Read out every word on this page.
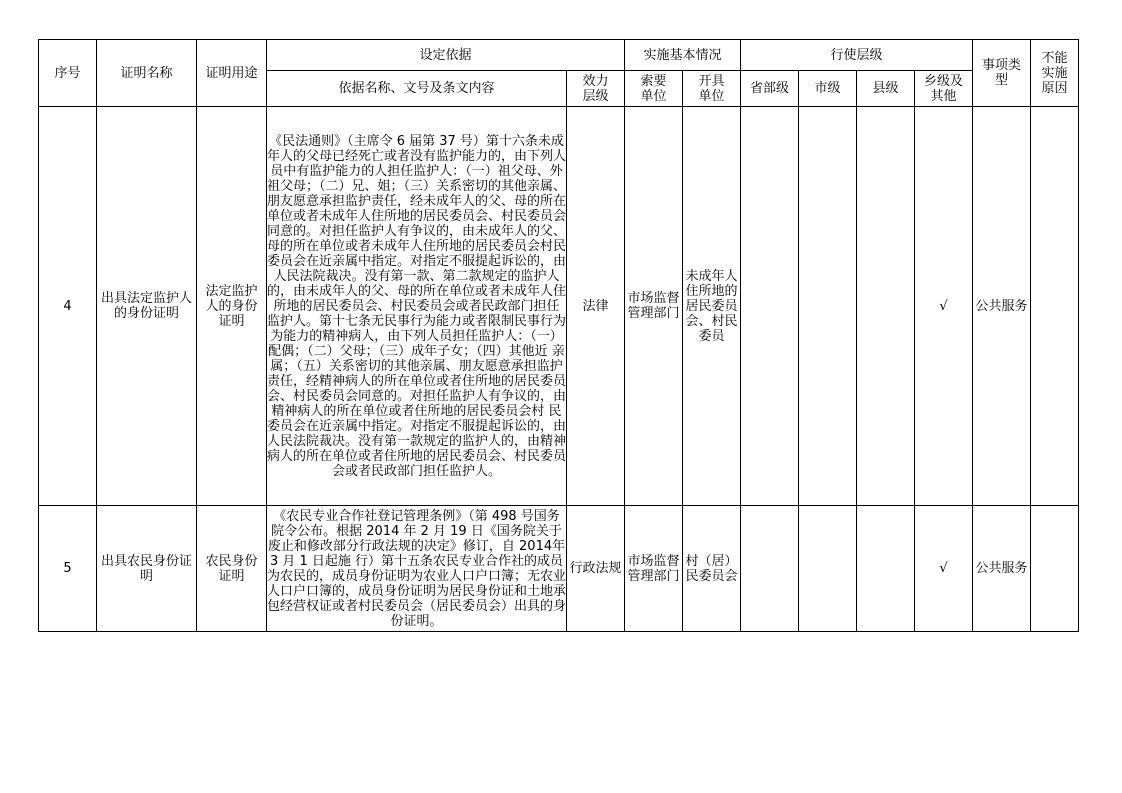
序号	证明名称	证明用途	设定依据		实施基本情况		行使层级				事项类型	不能实施原因
			依据名称、文号及条文内容	效力层级	索要单位	开具单位	省部级	市级	县级	乡级及其他		
4	出具法定监护人的身份证明	法定监护人的身份证明	《民法通则》（主席令 6 届第 37 号）第十六条未成年人的父母已经死亡或者没有监护能力的，由下列人员中有监护能力的人担任监护人：（一）祖父母、外祖父母；（二）兄、姐；（三）关系密切的其他亲属、朋友愿意承担监护责任，经未成年人的父、母的所在单位或者未成年人住所地的居民委员会、村民委员会同意的。对担任监护人有争议的，由未成年人的父、母的所在单位或者未成年人住所地的居民委员会村民委员会在近亲属中指定。对指定不服提起诉讼的，由人民法院裁决。没有第一款、第二款规定的监护人的，由未成年人的父、母的所在单位或者未成年人住所地的居民委员会、村民委员会或者民政部门担任 监护人。第十七条无民事行为能力或者限制民事行为 为能力的精神病人，由下列人员担任监护人：（一）配偶；（二）父母；（三）成年子女；（四）其他近 亲属；（五）关系密切的其他亲属、朋友愿意承担监护责任，经精神病人的所在单位或者住所地的居民委员会、村民委员会同意的。对担任监护人有争议的，由精神病人的所在单位或者住所地的居民委员会村 民委员会在近亲属中指定。对指定不服提起诉讼的，由人民法院裁决。没有第一款规定的监护人的，由精神病人的所在单位或者住所地的居民委员会、村民委员会或者民政部门担任监护人。	法律	市场监督管理部门	未成年人住所地的居民委员会、村民委员				√	公共服务	
5	出具农民身份证明	农民身份证明	《农民专业合作社登记管理条例》（第 498 号国务院令公布。根据 2014 年 2 月 19 日《国务院关于废止和修改部分行政法规的决定》修订，自 2014年 3 月 1 日起施 行）第十五条农民专业合作社的成员为农民的，成员身份证明为农业人口户口簿；无农业人口户口簿的，成员身份证明为居民身份证和土地承包经营权证或者村民委员会（居民委员会）出具的身份证明。	行政法规	市场监督管理部门	村（居）民委员会				√	公共服务	
